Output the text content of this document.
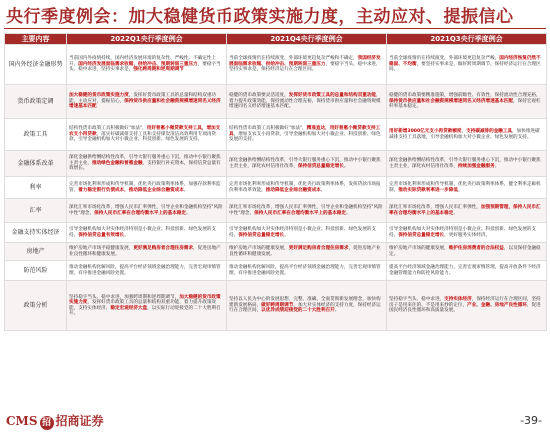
央行季度例会：加大稳健货币政策实施力度，主动应对、提振信心
主要内容	2022Q1央行季度例会	2021Q4央行季度例会	2021Q3央行季度例会
国内外经济金融形势	当前国内外疫情持续，国内经济发展环境的复杂性、严峻性、不确定性上升，国内经济发展面临需求收缩、供给冲击、预期转弱三重压力，要稳字当头、稳中求进，坚持实事求是，强化跨周期和逆周期调节	当前全球疫情仍在持续演变，外部环境更趋复杂严峻和不确定，我国经济发展面临需求收缩、供给冲击、预期转弱三重压力，要稳字当头、稳中求进，坚持实事求是，保持经济运行在合理区间。	当前全球疫情仍在持续演变，外部环境更趋复杂严峻，国内经济恢复仍然不稳固、不均衡，要坚持实事求是，做好跨周期调节，保持经济运行在合理区间。
货币政策定调	加大稳健的货币政策实施力度，发挥好货币政策工具的总量和结构双重功能，主动应对，提振信心，保持货币供应量和社会融资规模增速同名义经济增速基本匹配	稳健的货币政策要灵活适度，发挥好货币政策工具的总量和结构双重功能，着力提升政策效能，保持流动性合理充裕，保持货币供应量和社会融资规模增速同名义经济增速基本匹配。	稳健的货币政策要精准施策，增强前瞻性、有效性，保持流动性合理充裕，保持货币供应量和社会融资规模增速同名义经济增速基本匹配，保持宏观杠杆率基本稳定。
政策工具	结构性货币政策工具积极做好"加法"，用好普惠小微贷款支持工具，增加支农支小再贷款，落实好碳减排支持工具和支持煤炭清洁高效利用专项再贷款，引导金融机构加大对小微企业、科技创新、绿色发展的支持。	结构性货币政策工具积极做好"加法"，精准直达，用好普惠小微贷款支持工具，增加支农支小再贷款，引导金融机构加大对小微企业、科技创新、绿色发展的支持。	用好新增3000亿元支小再贷款额度，支持碳减排的金融工具，加快推进碳减排支持工具落地，引导金融机构加大对小微企业、绿色发展的支持。
金融体系改革	深化金融供给侧结构性改革，引导大银行服务重心下沉，推动中小银行聚焦主责主业，推动绿色金融和普惠金融，支持银行补充资本，保持信贷总量有效增长。	深化金融供给侧结构性改革，引导大银行服务重心下沉，推动中小银行聚焦主责主业，深化农村信用社改革，保持信贷总量稳定增长。	深化金融供给侧结构性改革，引导大银行服务重心下沉，推动中小银行聚焦主责主业，深化农村信用社改革，持续加强金融服务。
利率	完善市场化利率形成和传导机制，优化央行政策利率体系，加强存款利率监管，着力稳定银行负债成本，推动降低企业综合融资成本。	完善市场化利率形成和传导机制，优化央行政策利率体系，发挥贷款市场报价利率改革效能，推动降低企业综合融资成本。	完善市场化利率形成和传导机制，优化央行政策利率体系，健全利率走廊机制，推动实际贷款利率进一步降低。
汇率	深化汇率市场化改革，增强人民币汇率弹性，引导企业和金融机构坚持"风险中性"理念，保持人民币汇率在合理均衡水平上的基本稳定。	深化汇率市场化改革，增强人民币汇率弹性，引导企业和金融机构坚持"风险中性"理念，保持人民币汇率在合理均衡水平上的基本稳定。	深化汇率市场化改革，增强人民币汇率弹性，加强预期管理，保持人民币汇率在合理均衡水平上的基本稳定。
金融支持实体经济	引导金融机构加大对实体经济特别是小微企业、科技创新、绿色发展的支持，保持信贷总量有效增长。	引导金融机构加大对实体经济特别是小微企业、科技创新、绿色发展的支持，保持信贷总量稳定增长。	引导金融机构加大对实体经济特别是小微企业、科技创新、绿色发展的支持，保持信贷总量稳定增长，更好服务实体经济。
房地产	维护房地产市场平稳健康发展，更好满足购房者合理住房需求，促进房地产业良性循环和健康发展。	维护房地产市场的健康发展，更好满足购房者合理住房需求，促进房地产业良性循环和健康发展。	维护房地产市场的健康发展，维护住房消费者的合法权益，以及保持金融稳定。
防范风险	推动金融机构化解风险，提高平台经济领域金融治理能力，完善宏观审慎管理，有序推进金融风险处置。	推动金融机构化解风险，提高平台经济领域金融治理能力，完善宏观审慎管理，有序推进金融风险处置。	提高平台经济领域金融治理能力，完善宏观审慎管理，提高开放条件下经济金融管理能力和防控风险能力。
政策分析	坚持稳字当头、稳中求进，加强跨周期和逆周期调节，加大稳健的货币政策实施力度，发挥好货币政策工具的总量和结构双重功能，着力提升政策效能，支持实体经济，稳定宏观经济大盘，以实际行动迎接党的二十大胜利召开。	坚持以人民为中心的发展思想，完整、准确、全面贯彻新发展理念，加快构建新发展格局，做好跨周期调节，加大对实体经济的支持力度，保持经济运行在合理区间，以优异成绩迎接党的二十大胜利召开。	坚持稳字当头、稳中求进，支持实体经济，保持经济运行在合理区间，坚持房子是用来住的、不是用来炒的定位，产业、金融、房地产良性循环，促进国民经济良性循环和高质量发展。
CMS 招 招商证券	-39-
